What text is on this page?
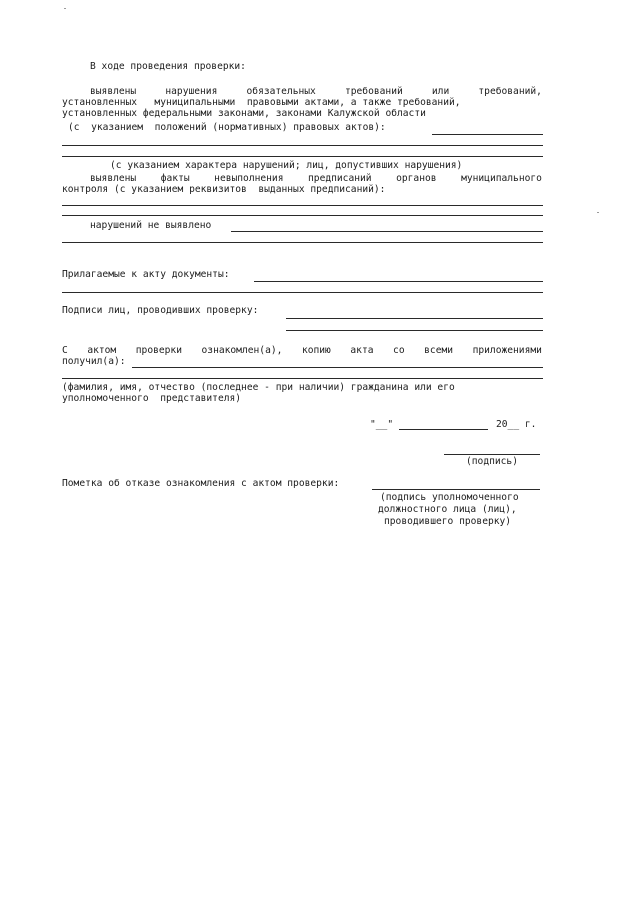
В ходе проведения проверки:
выявлены	нарушения	обязательных	требований	или	требований,
установленных   муниципальными  правовыми актами, а также требований,
установленных федеральными законами, законами Калужской области
(с  указанием  положений (нормативных) правовых актов):
(с указанием характера нарушений; лиц, допустивших нарушения)
выявлены	факты	невыполнения	предписаний	органов	муниципального
контроля (с указанием реквизитов  выданных предписаний):
нарушений не выявлено
Прилагаемые к акту документы:
Подписи лиц, проводивших проверку:
С актом проверки ознакомлен(а), копию акта со всеми приложениями
получил(а):
(фамилия, имя, отчество (последнее - при наличии) гражданина или его
уполномоченного  представителя)
"__"	20__ г.
(подпись)
Пометка об отказе ознакомления с актом проверки:
(подпись уполномоченного
должностного лица (лиц),
проводившего проверку)
